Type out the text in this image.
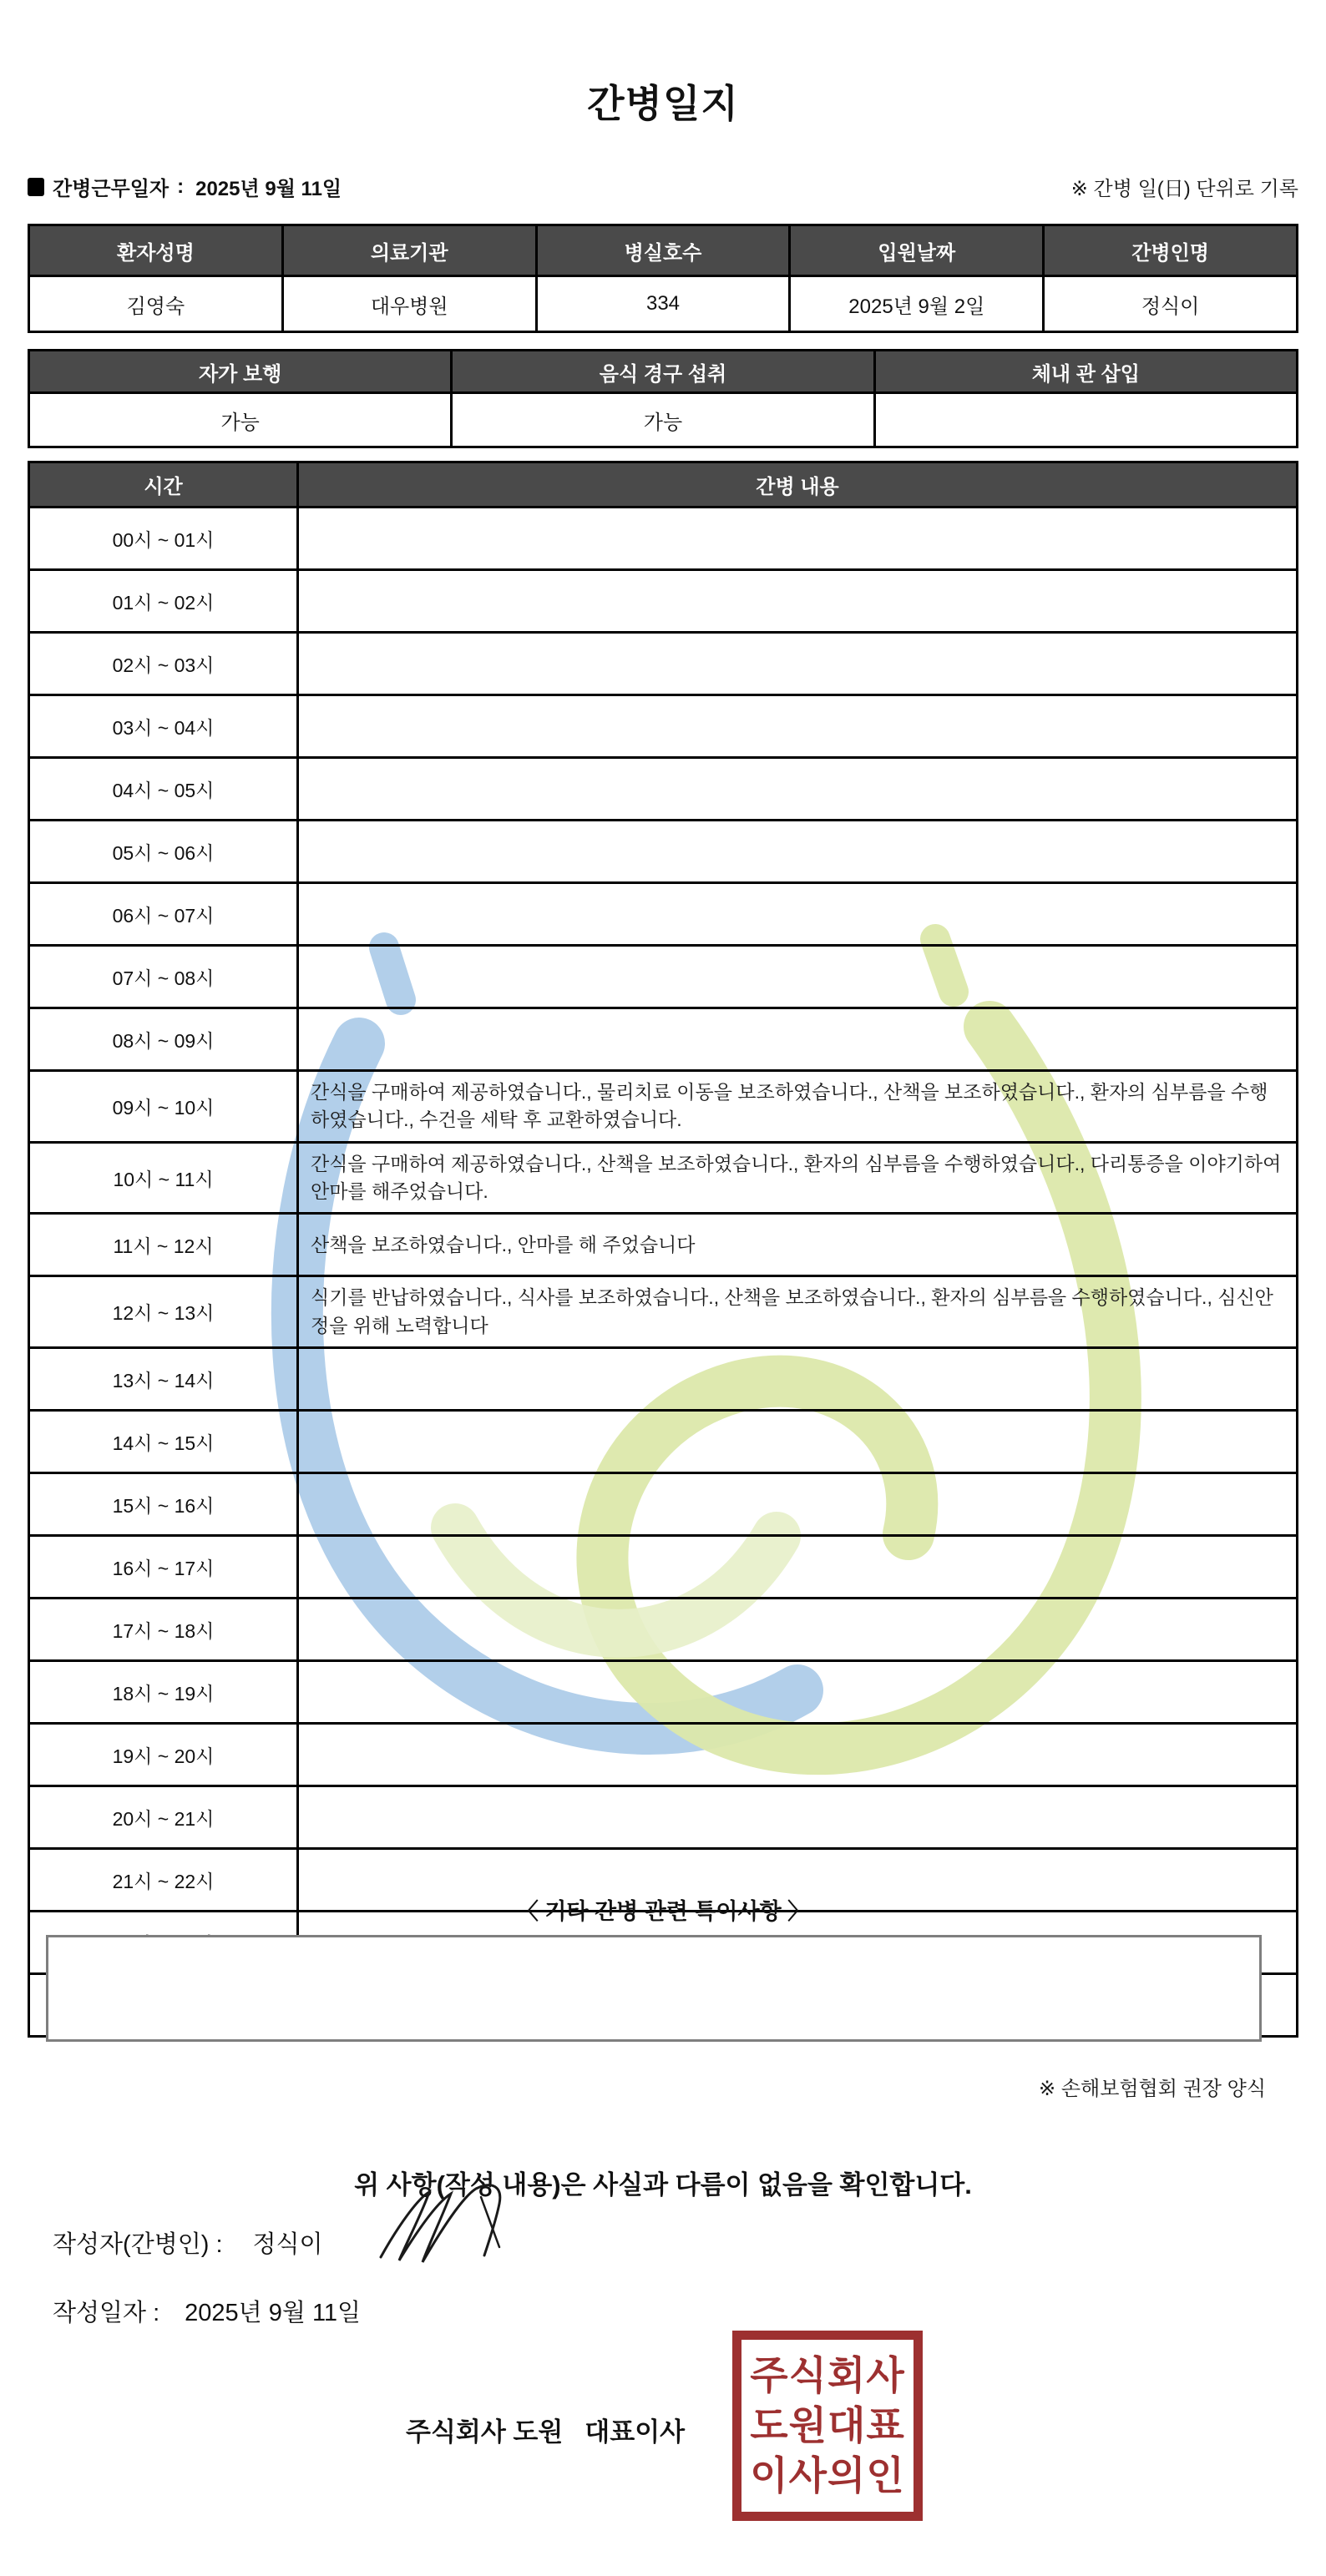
간병일지
간병근무일자 : 2025년 9월 11일	※ 간병 일(日) 단위로 기록
환자성명	의료기관	병실호수	입원날짜	간병인명
김영숙	대우병원	334	2025년 9월 2일	정식이
자가 보행	음식 경구 섭취	체내 관 삽입
가능	가능	
시간	간병 내용
00시 ~ 01시	
01시 ~ 02시	
02시 ~ 03시	
03시 ~ 04시	
04시 ~ 05시	
05시 ~ 06시	
06시 ~ 07시	
07시 ~ 08시	
08시 ~ 09시	
09시 ~ 10시	간식을 구매하여 제공하였습니다., 물리치료 이동을 보조하였습니다., 산책을 보조하였습니다., 환자의 심부름을 수행하였습니다., 수건을 세탁 후 교환하였습니다.
10시 ~ 11시	간식을 구매하여 제공하였습니다., 산책을 보조하였습니다., 환자의 심부름을 수행하였습니다., 다리통증을 이야기하여 안마를 해주었습니다.
11시 ~ 12시	산책을 보조하였습니다., 안마를 해 주었습니다
12시 ~ 13시	식기를 반납하였습니다., 식사를 보조하였습니다., 산책을 보조하였습니다., 환자의 심부름을 수행하였습니다., 심신안정을 위해 노력합니다
13시 ~ 14시	
14시 ~ 15시	
15시 ~ 16시	
16시 ~ 17시	
17시 ~ 18시	
18시 ~ 19시	
19시 ~ 20시	
20시 ~ 21시	
21시 ~ 22시	

〈 기타 간병 관련 특이사항 〉
※ 손해보험협회 권장 양식
위 사항(작성 내용)은 사실과 다름이 없음을 확인합니다.
작성자(간병인) : 정식이
작성일자 : 2025년 9월 11일
주식회사 도원 대표이사
주식회사
도원대표
이사의인
